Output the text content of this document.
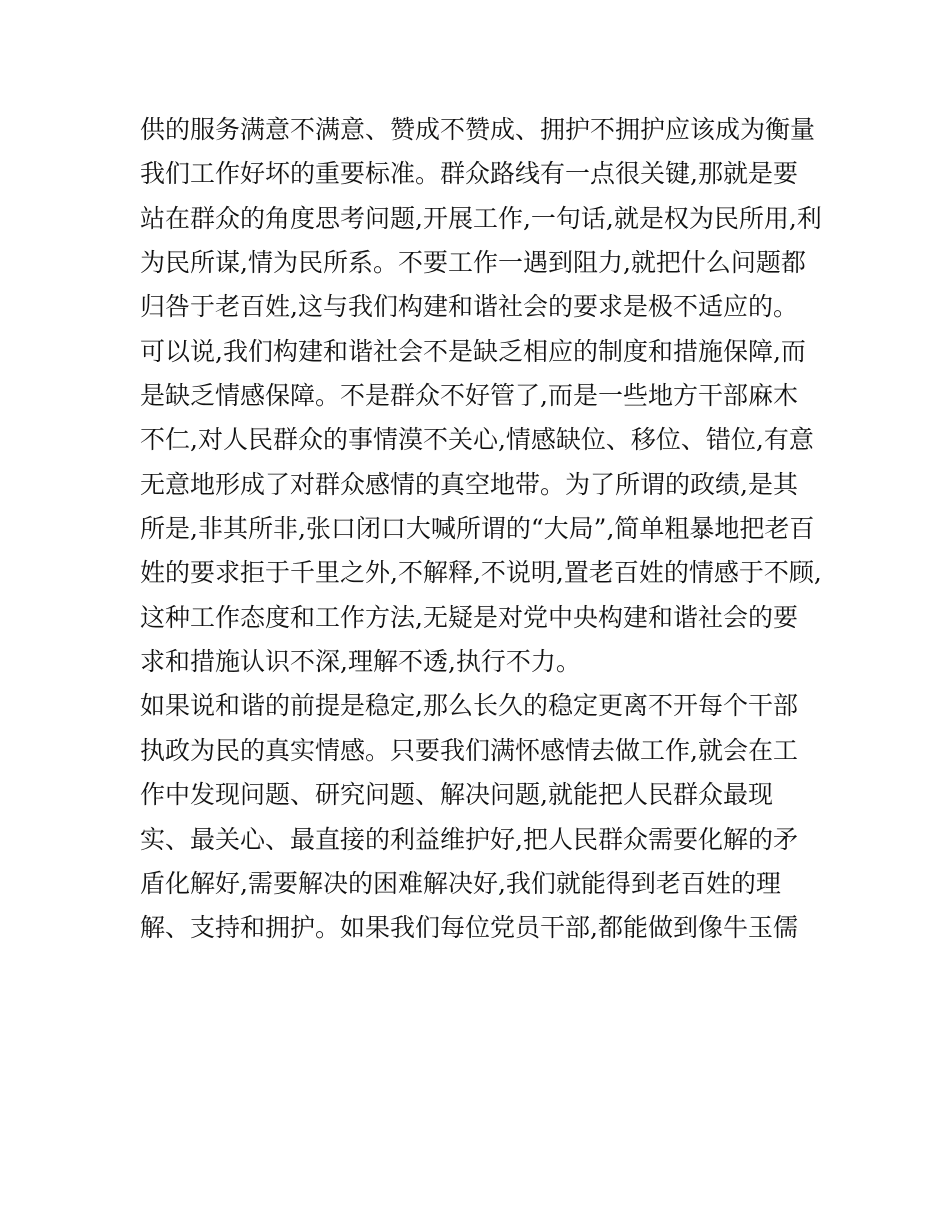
供的服务满意不满意、赞成不赞成、拥护不拥护应该成为衡量
我们工作好坏的重要标准。群众路线有一点很关键,那就是要
站在群众的角度思考问题,开展工作,一句话,就是权为民所用,利
为民所谋,情为民所系。不要工作一遇到阻力,就把什么问题都
归咎于老百姓,这与我们构建和谐社会的要求是极不适应的。
可以说,我们构建和谐社会不是缺乏相应的制度和措施保障,而
是缺乏情感保障。不是群众不好管了,而是一些地方干部麻木
不仁,对人民群众的事情漠不关心,情感缺位、移位、错位,有意
无意地形成了对群众感情的真空地带。为了所谓的政绩,是其
所是,非其所非,张口闭口大喊所谓的“大局”,简单粗暴地把老百
姓的要求拒于千里之外,不解释,不说明,置老百姓的情感于不顾,
这种工作态度和工作方法,无疑是对党中央构建和谐社会的要
求和措施认识不深,理解不透,执行不力。
如果说和谐的前提是稳定,那么长久的稳定更离不开每个干部
执政为民的真实情感。只要我们满怀感情去做工作,就会在工
作中发现问题、研究问题、解决问题,就能把人民群众最现
实、最关心、最直接的利益维护好,把人民群众需要化解的矛
盾化解好,需要解决的困难解决好,我们就能得到老百姓的理
解、支持和拥护。如果我们每位党员干部,都能做到像牛玉儒
